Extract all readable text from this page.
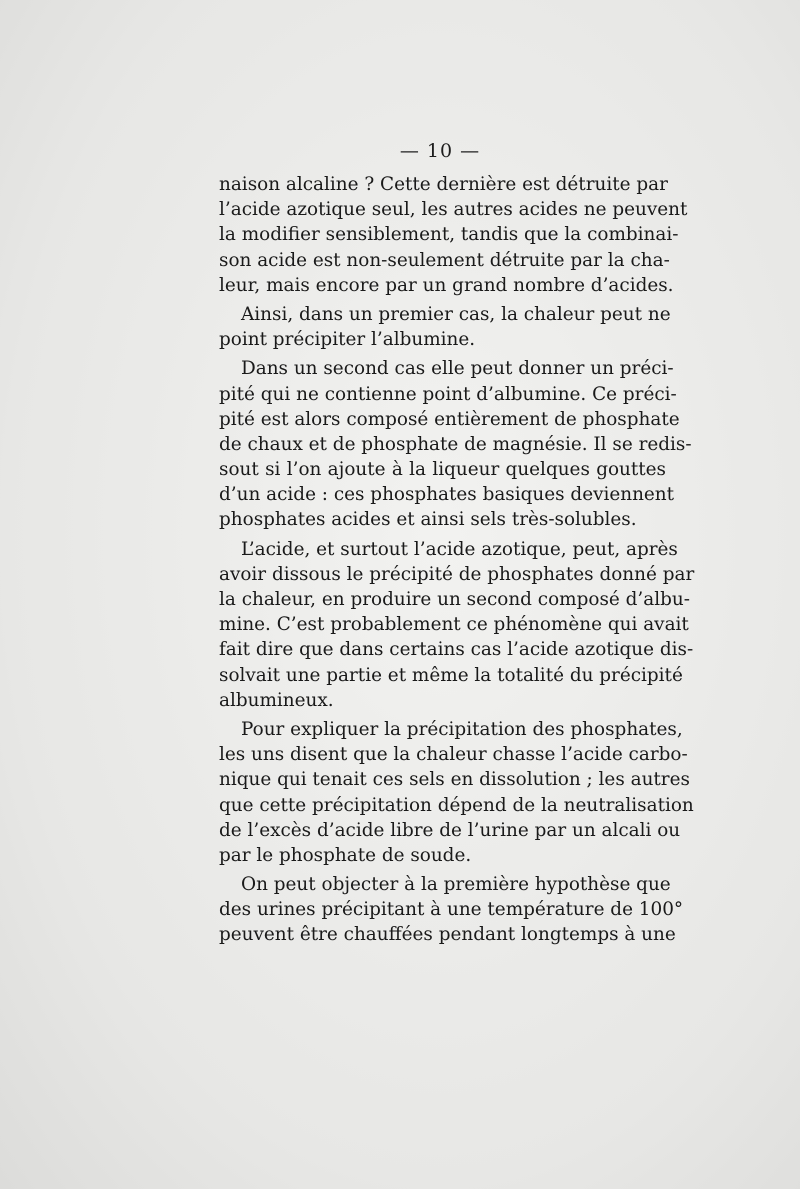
— 10 —
naison alcaline ? Cette dernière est détruite par
l’acide azotique seul, les autres acides ne peuvent
la modifier sensiblement, tandis que la combinai-
son acide est non-seulement détruite par la cha-
leur, mais encore par un grand nombre d’acides.
Ainsi, dans un premier cas, la chaleur peut ne
point précipiter l’albumine.
Dans un second cas elle peut donner un préci-
pité qui ne contienne point d’albumine. Ce préci-
pité est alors composé entièrement de phosphate
de chaux et de phosphate de magnésie. Il se redis-
sout si l’on ajoute à la liqueur quelques gouttes
d’un acide : ces phosphates basiques deviennent
phosphates acides et ainsi sels très-solubles.
L’acide, et surtout l’acide azotique, peut, après
avoir dissous le précipité de phosphates donné par
la chaleur, en produire un second composé d’albu-
mine. C’est probablement ce phénomène qui avait
fait dire que dans certains cas l’acide azotique dis-
solvait une partie et même la totalité du précipité
albumineux.
Pour expliquer la précipitation des phosphates,
les uns disent que la chaleur chasse l’acide carbo-
nique qui tenait ces sels en dissolution ; les autres
que cette précipitation dépend de la neutralisation
de l’excès d’acide libre de l’urine par un alcali ou
par le phosphate de soude.
On peut objecter à la première hypothèse que
des urines précipitant à une température de 100°
peuvent être chauffées pendant longtemps à une
